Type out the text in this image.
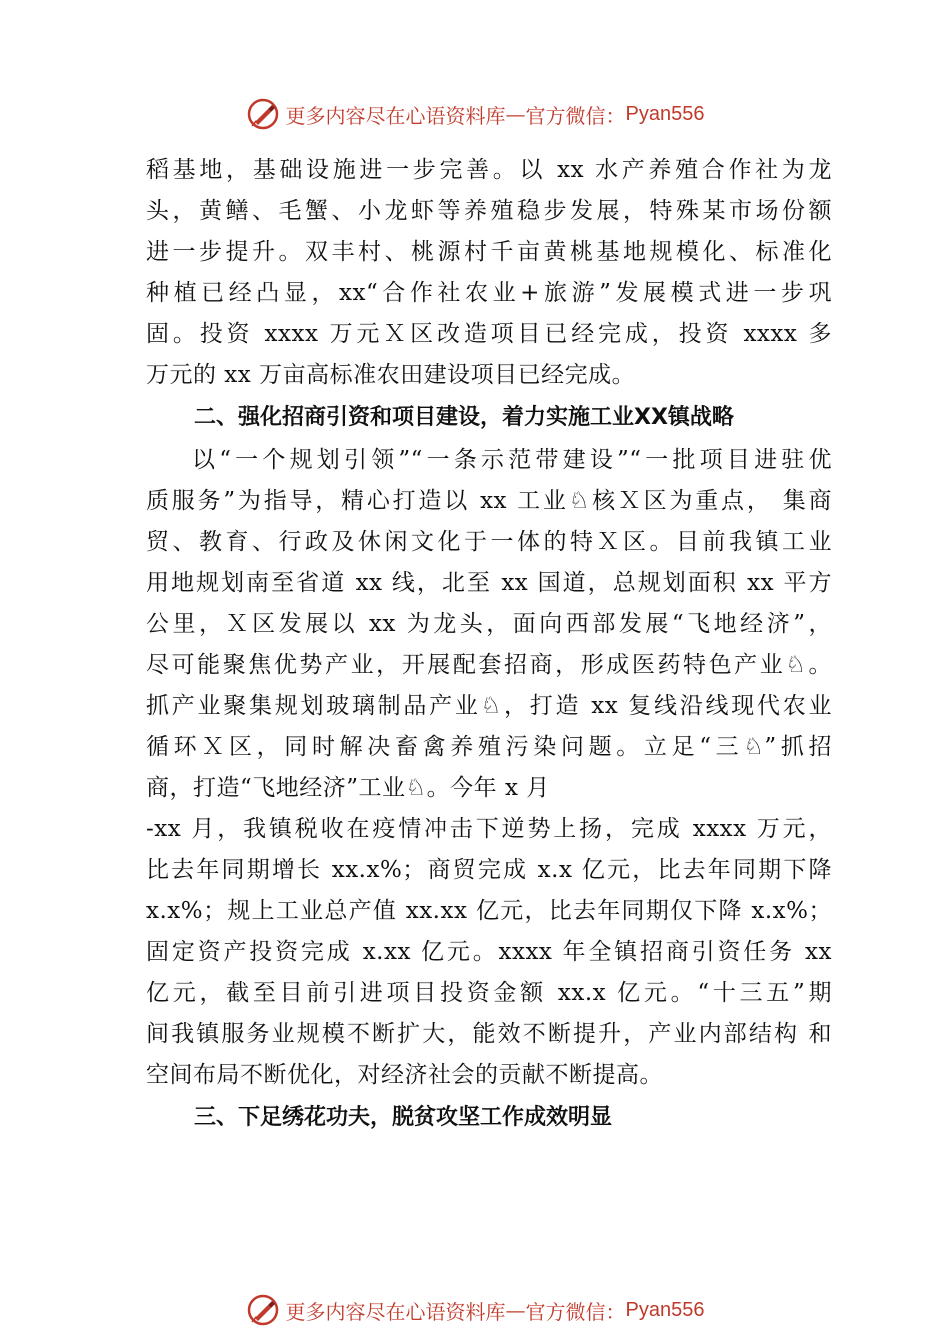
更多内容尽在心语资料库 — 官方微信： Pyan556
稻基地，基础设施进一步完善。以 xx 水产养殖合作社为龙
头，黄鳝、毛蟹、小龙虾等养殖稳步发展，特殊某市场份额
进一步提升。双丰村、桃源村千亩黄桃基地规模化、标准化
种植已经凸显，xx“合作社农业+旅游”发展模式进一步巩
固。投资 xxxx 万元Ｘ区改造项目已经完成，投资 xxxx 多
万元的 xx 万亩高标准农田建设项目已经完成。
二、强化招商引资和项目建设，着力实施工业XX镇战略
以“一个规划引领”“一条示范带建设”“一批项目进驻优
质服务”为指导，精心打造以 xx 工业♘核Ｘ区为重点， 集商
贸、教育、行政及休闲文化于一体的特Ｘ区。目前我镇工业
用地规划南至省道 xx 线，北至 xx 国道，总规划面积 xx 平方
公里，Ｘ区发展以 xx 为龙头，面向西部发展“飞地经济”，
尽可能聚焦优势产业，开展配套招商，形成医药特色产业♘。
抓产业聚集规划玻璃制品产业♘，打造 xx 复线沿线现代农业
循环Ｘ区，同时解决畜禽养殖污染问题。立足“三♘”抓招
商，打造“飞地经济”工业♘。今年 x 月
-xx 月，我镇税收在疫情冲击下逆势上扬，完成 xxxx 万元，
比去年同期增长 xx.x%；商贸完成 x.x 亿元，比去年同期下降
x.x%；规上工业总产值 xx.xx 亿元，比去年同期仅下降 x.x%；
固定资产投资完成 x.xx 亿元。xxxx 年全镇招商引资任务 xx
亿元，截至目前引进项目投资金额 xx.x 亿元。“十三五”期
间我镇服务业规模不断扩大，能效不断提升，产业内部结构 和
空间布局不断优化，对经济社会的贡献不断提高。
三、下足绣花功夫，脱贫攻坚工作成效明显
更多内容尽在心语资料库 — 官方微信： Pyan556
